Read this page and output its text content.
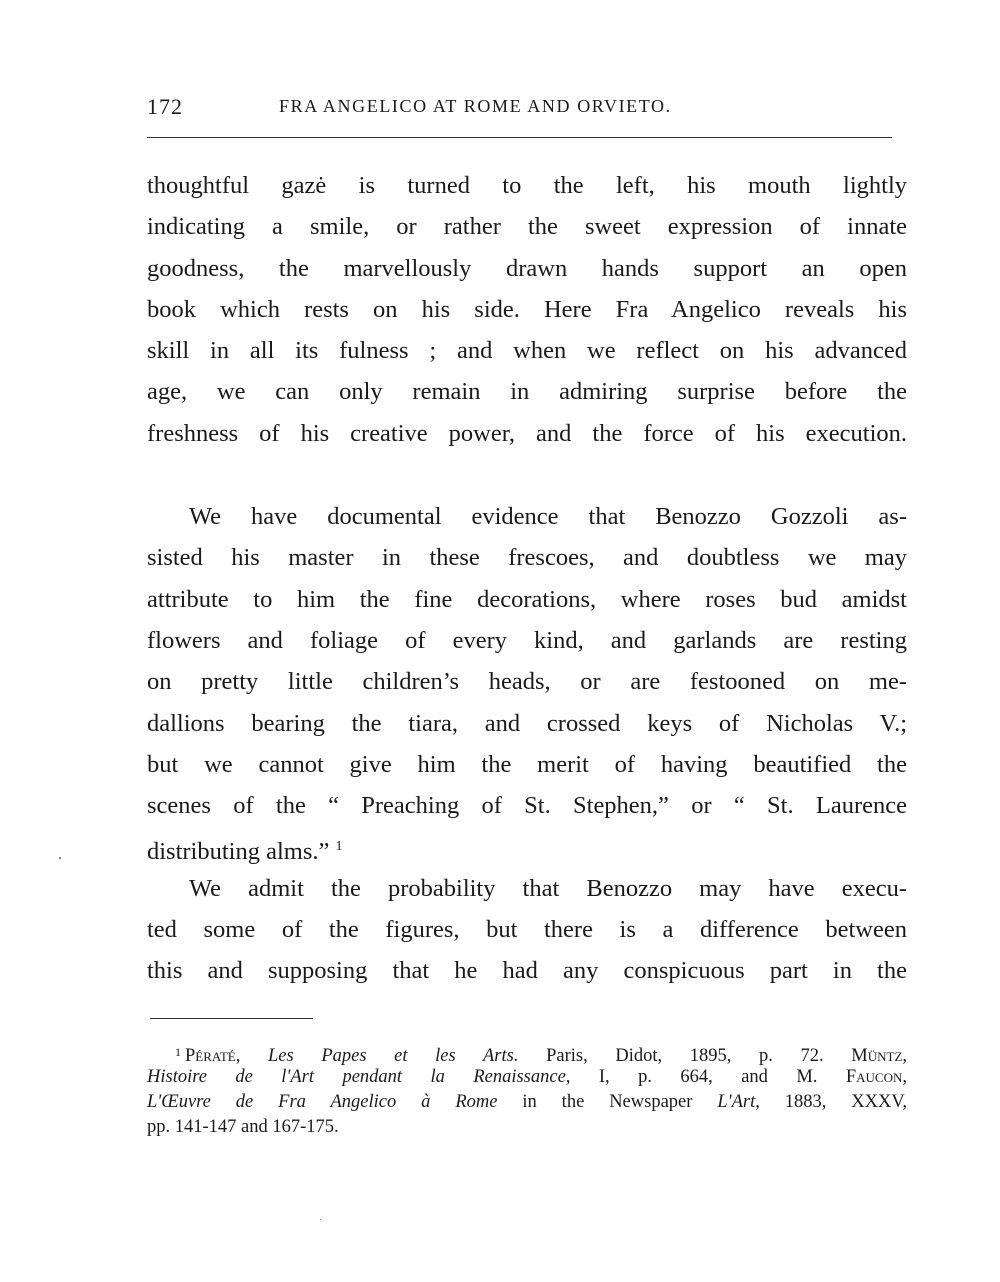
172	FRA ANGELICO AT ROME AND ORVIETO.
thoughtful gazė is turned to the left, his mouth lightly
indicating a smile, or rather the sweet expression of innate
goodness, the marvellously drawn hands support an open
book which rests on his side. Here Fra Angelico reveals his
skill in all its fulness ; and when we reflect on his advanced
age, we can only remain in admiring surprise before the
freshness of his creative power, and the force of his execution.
We have documental evidence that Benozzo Gozzoli as-
sisted his master in these frescoes, and doubtless we may
attribute to him the fine decorations, where roses bud amidst
flowers and foliage of every kind, and garlands are resting
on pretty little children’s heads, or are festooned on me-
dallions bearing the tiara, and crossed keys of Nicholas V.;
but we cannot give him the merit of having beautified the
scenes of the “ Preaching of St. Stephen,” or “ St. Laurence
distributing alms.” $^1$
We admit the probability that Benozzo may have execu-
ted some of the figures, but there is a difference between
this and supposing that he had any conspicuous part in the
$^1$ Pératé, Les Papes et les Arts. Paris, Didot, 1895, p. 72. Müntz,
Histoire de l'Art pendant la Renaissance, I, p. 664, and M. Faucon,
L'Œuvre de Fra Angelico à Rome in the Newspaper L'Art, 1883, XXXV,
pp. 141-147 and 167-175.
